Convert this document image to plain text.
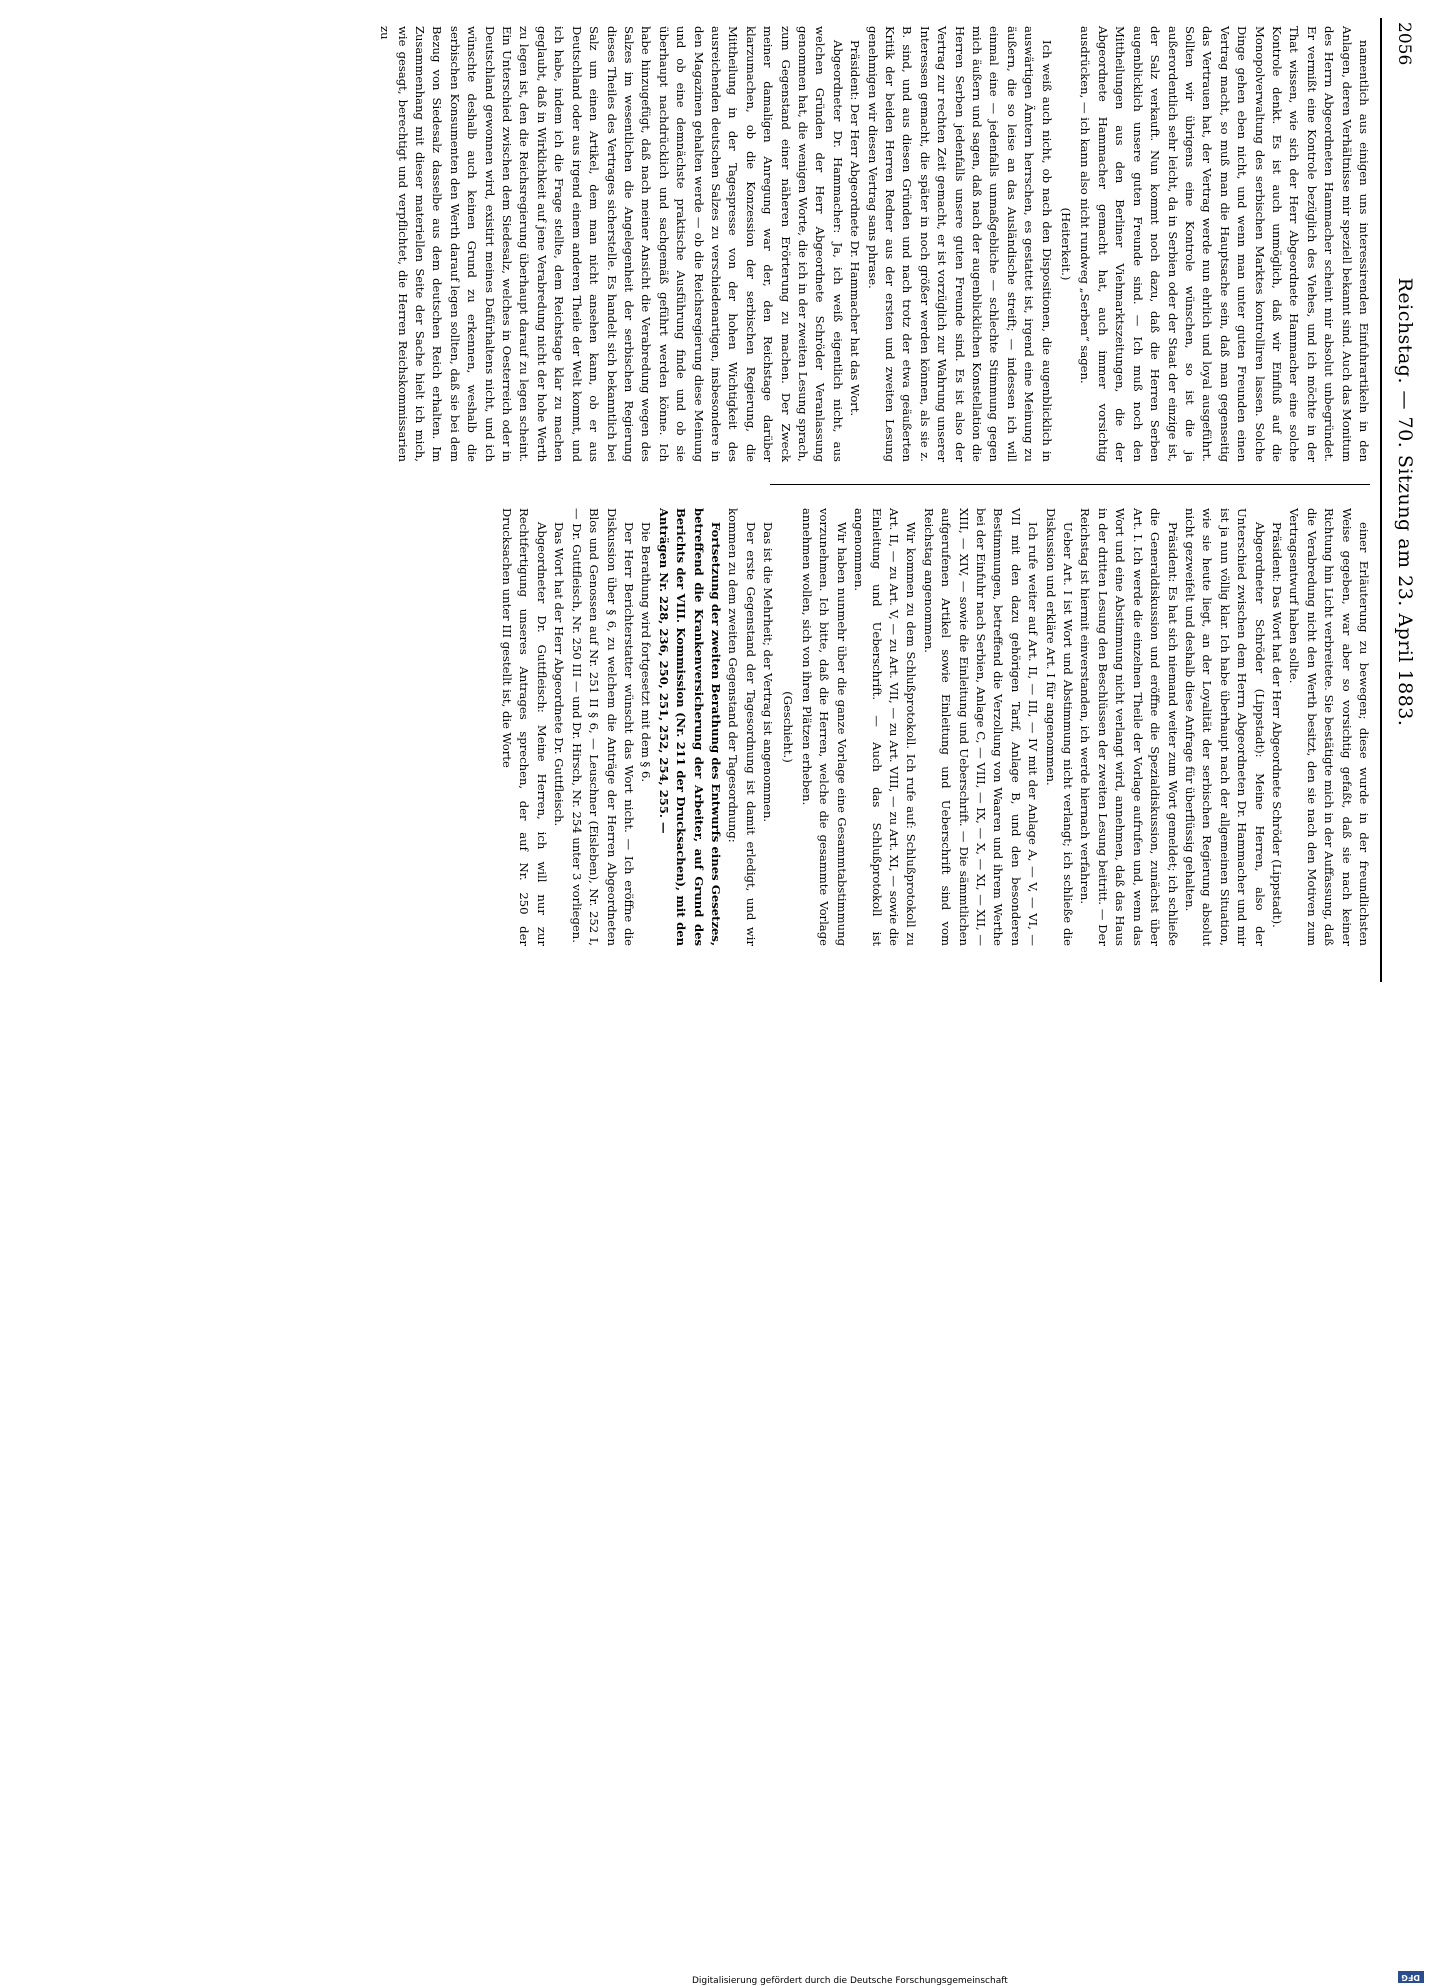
2056
Reichstag. — 70. Sitzung am 23. April 1883.

namentlich aus einigen uns interessirenden Einfuhrartikeln in den Anlagen, deren Verhältnisse mir speziell bekannt sind. Auch das Monitum des Herrn Abgeordneten Hammacher scheint mir absolut unbegründet. Er vermißt eine Kontrole bezüglich des Viehes, und ich möchte in der That wissen, wie sich der Herr Abgeordnete Hammacher eine solche Kontrole denkt. Es ist auch unmöglich, daß wir Einfluß auf die Monopolverwaltung des serbischen Marktes kontrolliren lassen. Solche Dinge gehen eben nicht, und wenn man unter guten Freunden einen Vertrag macht, so muß man die Hauptsache sein, daß man gegenseitig das Vertrauen hat, der Vertrag werde nun ehrlich und loyal ausgeführt. Sollten wir übrigens eine Kontrole wünschen, so ist die ja außerordentlich sehr leicht, da in Serbien oder der Staat der einzige ist, der Salz verkauft. Nun kommt noch dazu, daß die Herren Serben augenblicklich unsere guten Freunde sind. — Ich muß noch den Mittheilungen aus den Berliner Viehmarktszeitungen, die der Abgeordnete Hammacher gemacht hat, auch immer vorsichtig ausdrücken, — ich kann also nicht rundweg „Serben“ sagen.

(Heiterkeit.)

Ich weiß auch nicht, ob nach den Dispositionen, die augenblicklich in auswärtigen Ämtern herrschen, es gestattet ist, irgend eine Meinung zu äußern, die so leise an das Ausländische streift; — indessen ich will einmal eine — jedenfalls unmaßgebliche — schlechte Stimmung gegen mich äußern und sagen, daß nach der augenblicklichen Konstellation die Herren Serben jedenfalls unsere guten Freunde sind. Es ist also der Vertrag zur rechten Zeit gemacht, er ist vorzüglich zur Wahrung unserer Interessen gemacht, die später in noch größer werden können, als sie z. B. sind, und aus diesen Gründen und nach trotz der etwa geäußerten Kritik der beiden Herren Redner aus der ersten und zweiten Lesung genehmigen wir diesen Vertrag sans phrase.

Präsident: Der Herr Abgeordnete Dr. Hammacher hat das Wort.

Abgeordneter Dr. Hammacher: Ja, ich weiß eigentlich nicht, aus welchen Gründen der Herr Abgeordnete Schröder Veranlassung genommen hat, die wenigen Worte, die ich in der zweiten Lesung sprach, zum Gegenstand einer näheren Erörterung zu machen. Der Zweck meiner damaligen Anregung war der, den Reichstage darüber klarzumachen, ob die Konzession der serbischen Regierung, die Mittheilung in der Tagespresse von der hohen Wichtigkeit des ausreichenden deutschen Salzes zu verschiedenartigen, insbesondere in den Magazinen gehalten werde — ob die Reichsregierung diese Meinung und ob eine demnächste praktische Ausführung finde und ob sie überhaupt nachdrücklich und sachgemäß geführt werden könne. Ich habe hinzugefügt, daß nach meiner Ansicht die Verabredung wegen des Salzes im wesentlichen die Angelegenheit der serbischen Regierung dieses Theiles des Vertrages sicherstelle. Es handelt sich bekanntlich bei Salz um einen Artikel, dem man nicht ansehen kann, ob er aus Deutschland oder aus irgend einem anderen Theile der Welt kommt, und ich habe, indem ich die Frage stellte, dem Reichstage klar zu machen geglaubt, daß in Wirklichkeit auf jene Verabredung nicht der hohe Werth zu legen ist, den die Reichsregierung überhaupt darauf zu legen scheint. Ein Unterschied zwischen dem Siedesalz, welches in Oesterreich oder in Deutschland gewonnen wird, existirt meines Dafürhaltens nicht, und ich wünschte deshalb auch keinen Grund zu erkennen, weshalb die serbischen Konsumenten den Werth darauf legen sollten, daß sie bei dem Bezug von Siedesalz dasselbe aus dem deutschen Reich erhalten. Im Zusammenhang mit dieser materiellen Seite der Sache hielt ich mich, wie gesagt, berechtigt und verpflichtet, die Herren Reichskommissarien zu

einer Erläuterung zu bewegen; diese wurde in der freundlichsten Weise gegeben, war aber so vorsichtig gefaßt, daß sie nach keiner Richtung hin Licht verbreitete. Sie bestätigte mich in der Auffassung, daß die Verabredung nicht den Werth besitzt, den sie nach den Motiven zum Vertragsentwurf haben sollte.

Präsident: Das Wort hat der Herr Abgeordnete Schröder (Lippstadt).

Abgeordneter Schröder (Lippstadt): Meine Herren, also der Unterschied zwischen dem Herrn Abgeordneten Dr. Hammacher und mir ist ja nun völlig klar. Ich habe überhaupt nach der allgemeinen Situation, wie sie heute liegt, an der Loyalität der serbischen Regierung absolut nicht gezweifelt und deshalb diese Anfrage für überflüssig gehalten.

Präsident: Es hat sich niemand weiter zum Wort gemeldet; ich schließe die Generaldiskussion und eröffne die Spezialdiskussion, zunächst über Art. I. Ich werde die einzelnen Theile der Vorlage aufrufen und, wenn das Wort und eine Abstimmung nicht verlangt wird, annehmen, daß das Haus in der dritten Lesung den Beschlüssen der zweiten Lesung beitritt. — Der Reichstag ist hiermit einverstanden, ich werde hiernach verfahren.

Ueber Art. I ist Wort und Abstimmung nicht verlangt; ich schließe die Diskussion und erkläre Art. I für angenommen.

Ich rufe weiter auf Art. II, — III, — IV mit der Anlage A, — V, — VI, — VII mit den dazu gehörigen Tarif, Anlage B, und den besonderen Bestimmungen, betreffend die Verzollung von Waaren und ihrem Werthe bei der Einfuhr nach Serbien, Anlage C, — VIII, — IX, — X, — XI, — XII, — XIII, — XIV, — sowie die Einleitung und Ueberschrift. — Die sämmtlichen aufgerufenen Artikel sowie Einleitung und Ueberschrift sind vom Reichstag angenommen.

Wir kommen zu dem Schlußprotokoll. Ich rufe auf: Schlußprotokoll zu Art. II, — zu Art. V, — zu Art. VII, — zu Art. VIII, — zu Art. XI, — sowie die Einleitung und Ueberschrift. — Auch das Schlußprotokoll ist angenommen.

Wir haben nunmehr über die ganze Vorlage eine Gesammtabstimmung vorzunehmen. Ich bitte, daß die Herren, welche die gesammte Vorlage annehmen wollen, sich von ihren Plätzen erheben.

(Geschieht.)

Das ist die Mehrheit; der Vertrag ist angenommen.

Der erste Gegenstand der Tagesordnung ist damit erledigt, und wir kommen zu dem zweiten Gegenstand der Tagesordnung:

Fortsetzung der zweiten Berathung des Entwurfs eines Gesetzes, betreffend die Krankenversicherung der Arbeiter, auf Grund des Berichts der VIII. Kommission (Nr. 211 der Drucksachen), mit den Anträgen Nr. 228, 236, 250, 251, 252, 254, 255. —

Die Berathung wird fortgesetzt mit dem § 6.

Der Herr Berichterstatter wünscht das Wort nicht. — Ich eröffne die Diskussion über § 6, zu welchem die Anträge der Herren Abgeordneten Blos und Genossen auf Nr. 251 II § 6, — Leuschner (Eisleben), Nr. 252 I, — Dr. Guttfleisch, Nr. 250 III — und Dr. Hirsch, Nr. 254 unter 3 vorliegen.

Das Wort hat der Herr Abgeordnete Dr. Guttfleisch.

Abgeordneter Dr. Guttfleisch: Meine Herren, ich will nur zur Rechtfertigung unseres Antrages sprechen, der auf Nr. 250 der Drucksachen unter III gestellt ist, die Worte

DFG
Digitalisierung gefördert durch die Deutsche Forschungsgemeinschaft
